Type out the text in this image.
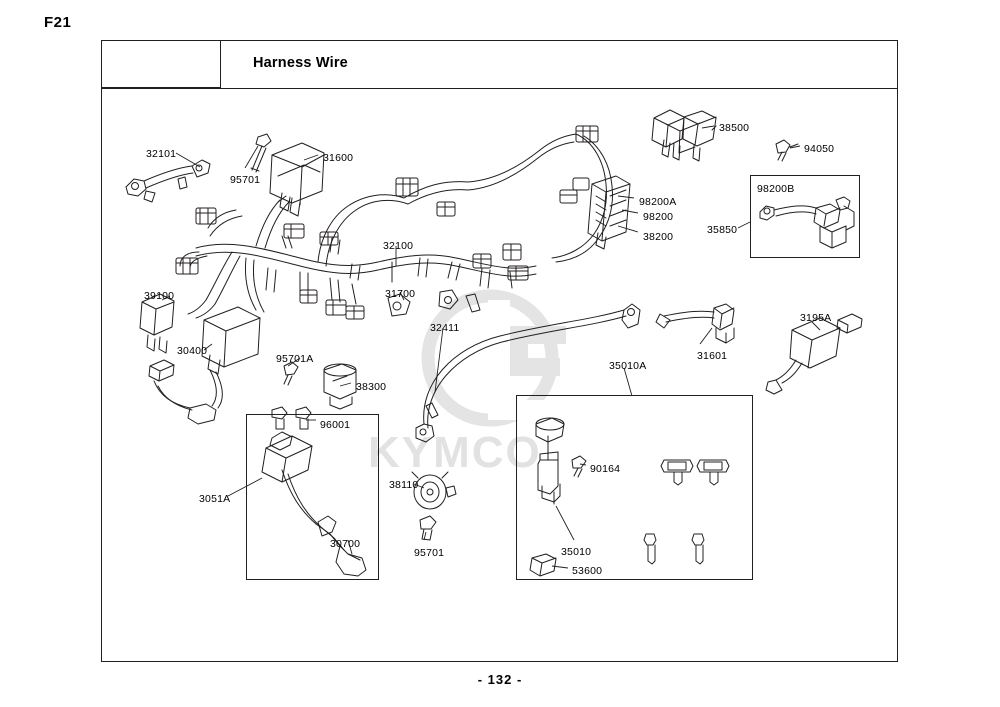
F21
Harness Wire
- 132 -
KYMCO
32101
95701
31600
38500
94050
98200B
35850
98200A
98200
38200
32100
39100
30400
31700
32411
31601
3195A
35010A
95701A
38300
96001
3051A
30700
38110
95701
90164
35010
53600
